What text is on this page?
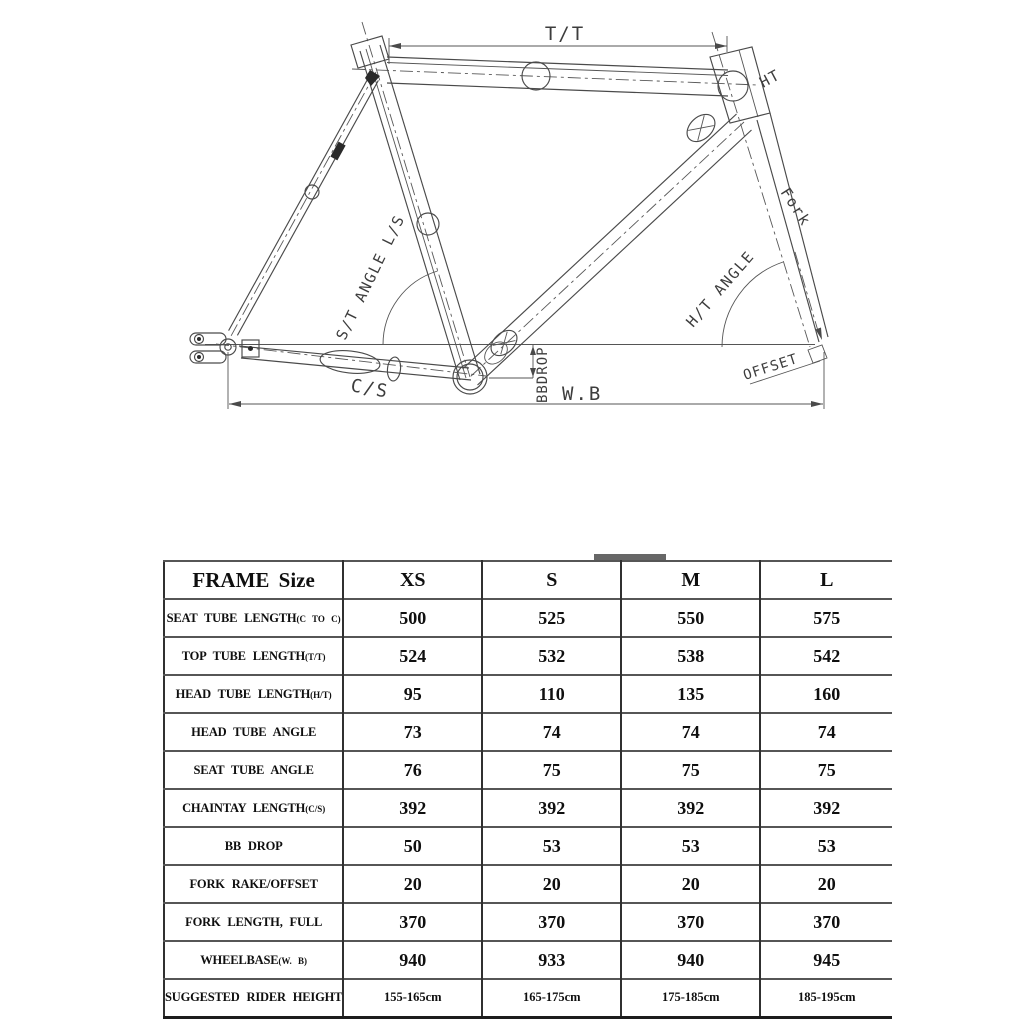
HT
C/S
Fork
H/T ANGLE
S/T ANGLE L/S
T/T
W.B
BBDROP	OFFSET
FRAME Size	XS	S	M	L
SEAT TUBE LENGTH(C TO C)	500	525	550	575
TOP TUBE LENGTH(T/T)	524	532	538	542
HEAD TUBE LENGTH(H/T)	95	110	135	160
HEAD TUBE ANGLE	73	74	74	74
SEAT TUBE ANGLE	76	75	75	75
CHAINTAY LENGTH(C/S)	392	392	392	392
BB DROP	50	53	53	53
FORK RAKE/OFFSET	20	20	20	20
FORK LENGTH, FULL	370	370	370	370
WHEELBASE(W. B)	940	933	940	945
SUGGESTED RIDER HEIGHT	155-165cm	165-175cm	175-185cm	185-195cm
